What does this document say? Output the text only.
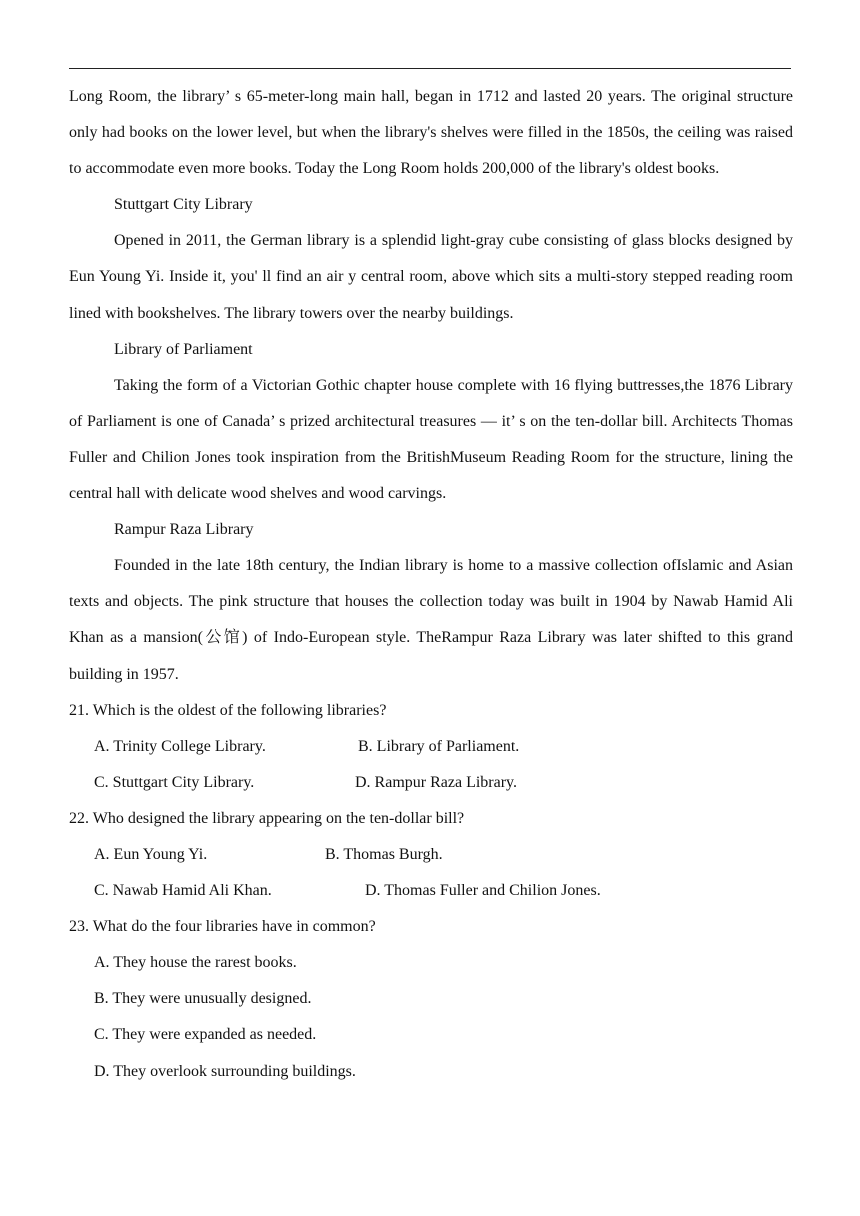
Long Room, the library’ s 65-meter-long main hall, began in 1712 and lasted 20 years. The original structure only had books on the lower level, but when the library's shelves were filled in the 1850s, the ceiling was raised to accommodate even more books. Today the Long Room holds 200,000 of the library's oldest books.

Stuttgart City Library

Opened in 2011, the German library is a splendid light-gray cube consisting of glass blocks designed by Eun Young Yi. Inside it, you' ll find an air y central room, above which sits a multi-story stepped reading room lined with bookshelves. The library towers over the nearby buildings.

Library of Parliament

Taking the form of a Victorian Gothic chapter house complete with 16 flying buttresses,the 1876 Library of Parliament is one of Canada’ s prized architectural treasures — it’ s on the ten-dollar bill. Architects Thomas Fuller and Chilion Jones took inspiration from the BritishMuseum Reading Room for the structure, lining the central hall with delicate wood shelves and wood carvings.

Rampur Raza Library

Founded in the late 18th century, the Indian library is home to a massive collection ofIslamic and Asian texts and objects. The pink structure that houses the collection today was built in 1904 by Nawab Hamid Ali Khan as a mansion(公馆) of Indo-European style. TheRampur Raza Library was later shifted to this grand building in 1957.

21. Which is the oldest of the following libraries?

A. Trinity College Library.	B. Library of Parliament.
C. Stuttgart City Library.	D. Rampur Raza Library.

22. Who designed the library appearing on the ten-dollar bill?

A. Eun Young Yi.	B. Thomas Burgh.
C. Nawab Hamid Ali Khan.	D. Thomas Fuller and Chilion Jones.

23. What do the four libraries have in common?

A. They house the rarest books.
B. They were unusually designed.
C. They were expanded as needed.
D. They overlook surrounding buildings.
